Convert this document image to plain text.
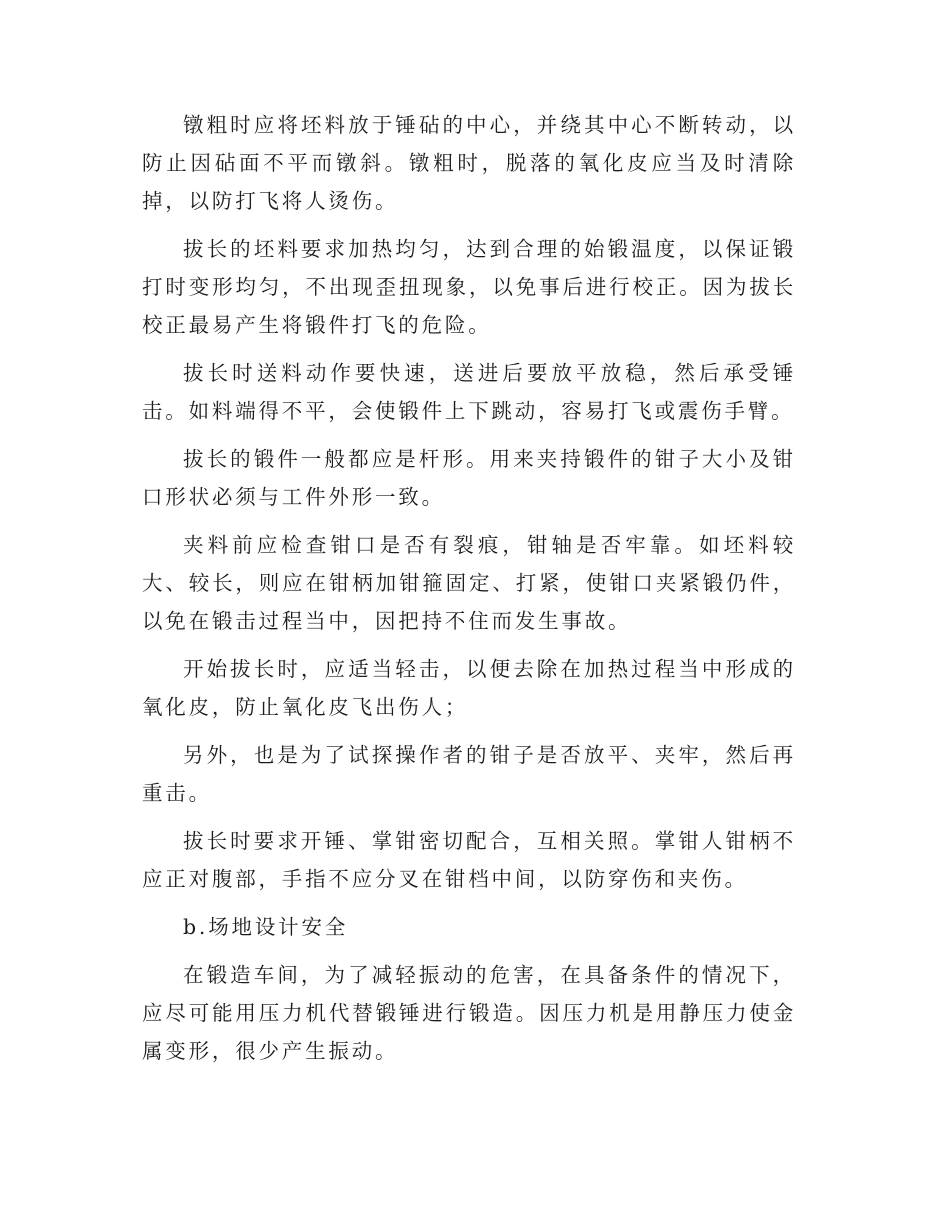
镦粗时应将坯料放于锤砧的中心，并绕其中心不断转动，以防止因砧面不平而镦斜。镦粗时，脱落的氧化皮应当及时清除掉，以防打飞将人烫伤。

拔长的坯料要求加热均匀，达到合理的始锻温度，以保证锻打时变形均匀，不出现歪扭现象，以免事后进行校正。因为拔长校正最易产生将锻件打飞的危险。

拔长时送料动作要快速，送进后要放平放稳，然后承受锤击。如料端得不平，会使锻件上下跳动，容易打飞或震伤手臂。

拔长的锻件一般都应是杆形。用来夹持锻件的钳子大小及钳口形状必须与工件外形一致。

夹料前应检查钳口是否有裂痕，钳轴是否牢靠。如坯料较大、较长，则应在钳柄加钳箍固定、打紧，使钳口夹紧锻仍件，以免在锻击过程当中，因把持不住而发生事故。

开始拔长时，应适当轻击，以便去除在加热过程当中形成的氧化皮，防止氧化皮飞出伤人；

另外，也是为了试探操作者的钳子是否放平、夹牢，然后再重击。

拔长时要求开锤、掌钳密切配合，互相关照。掌钳人钳柄不应正对腹部，手指不应分叉在钳档中间，以防穿伤和夹伤。

b.场地设计安全

在锻造车间，为了减轻振动的危害，在具备条件的情况下，应尽可能用压力机代替锻锤进行锻造。因压力机是用静压力使金属变形，很少产生振动。
